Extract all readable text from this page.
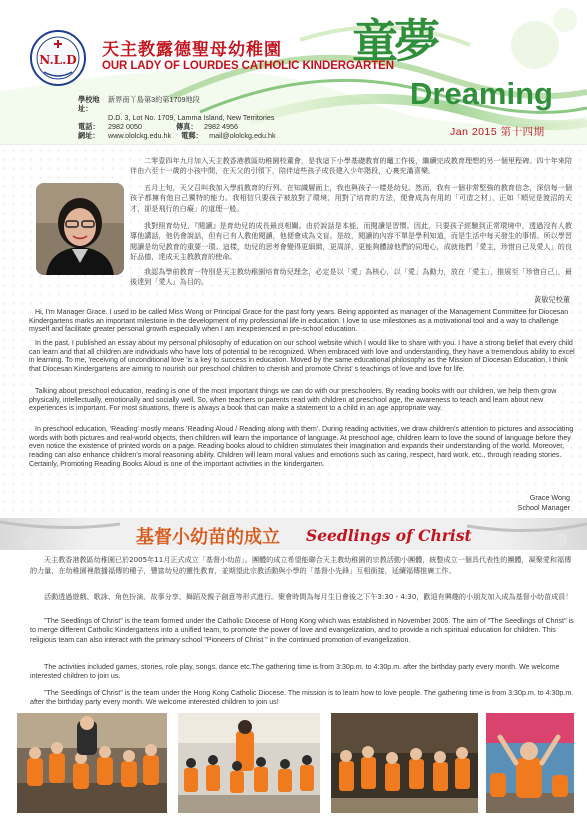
N.L.D 天主教露德聖母幼稚園
OUR LADY OF LOURDES CATHOLIC KINDERGARTEN
學校地址：
新界南丫島第3約第1709地段
D.D. 3, Lot No. 1709, Lamma Island, New Territories
電話：	2982 0050	傳真： 2982 4956
網址：	www.ololckg.edu.hk 電郵： mail@ololckg.edu.hk
童夢
Dreaming
Jan 2015 第十四期
二零壹四年九月加入天主教香港教區幼稚園校董會，是我這下小學基礎教育的竈工作後，繼續完成教育理想的另一個里程碑。四十年來陪伴由六至十一歲的小孩中間，在天父的引領下，陪伴這些孩子成長建入少年階段，心裏充滿喜樂。
五月上旬，天父召叫我加入學前教育的行列。在知識層面上，我也與孩子一樣是幼兒。然而，我有一個非常堅強的教育信念，深信每一個孩子都擁有他自己獨特的能力。我相信只要孩子被放對了環境，用對了培育的方法，便會成為有用的「可造之材」，正如「順兒是渡沼的天才，卻是飛行的白癡」的道理一般。
我對照育幼兒，『閱讀』是育幼兒的成長最良相關。由於說話是本能，而閱讀是習慣。因此，只要孩子經驗到正常環境中，透過沒有人教導他講話，他仍會說話，但有已有人教他閱讀，他便會成為文盲。是故，閱讀的內容不單是學利知道，而是生活中每天發生的事情。所以學習閱讀是幼兒教育的重要一環。這樣，幼兒的思考會變得更細緻，更周詳，更能夠體諒他們的同理心，成就他們「愛主，珍惜自己及愛人」的良好品德，達成天主教教育的使命。
我認為學前教育一特別是天主教幼稚園培育幼兒理念，必定是以「愛」為核心，以「愛」為動力，放在「愛主」，推展至「珍惜自己」，最後達到「愛人」為目的。
黃敏兒校董
Hi, I'm Manager Grace. I used to be called Miss Wong or Principal Grace for the past forty years. Being appointed as manager of the Management Committee for Diocesan Kindergartens marks an important milestone in the development of my professional life in education. I love to use milestones as a motivational tool and a way to challenge myself and facilitate greater personal growth especially when I am inexperienced in pre-school education.
In the past, I published an essay about my personal philosophy of education on our school website which I would like to share with you. I have a strong belief that every child can learn and that all children are individuals who have lots of potential to be recognized. When embraced with love and understanding, they have a tremendous ability to excel in learning. To me, 'receiving of unconditional love 'is a key to success in education. Moved by the same educational philosophy as the Mission of Diocesan Education, I think that Diocesan Kindergartens are aiming to nourish our preschool children to cherish and promote Christ' s teachings of love and love for life.
Talking about preschool education, reading is one of the most important things we can do with our preschoolers. By reading books with our children, we help them grow physically, intellectually, emotionally and socially well. So, when teachers or parents read with children at preschool age, the awareness to teach and learn about new experiences is important. For most situations, there is always a book that can make a statement to a child in an age appropriate way.
In preschool education, 'Reading' mostly means 'Reading Aloud / Reading along with them'. During reading activities, we draw children's attention to pictures and associating words with both pictures and real-world objects, then children will learn the importance of language. At preschool age, children learn to love the sound of language before they even notice the existence of printed words on a page. Reading books aloud to children stimulates their imagination and expands their understanding of the world. Moreover, reading can also enhance children's moral reasoning ability. Children will learn moral values and emotions such as caring, respect, hard work, etc., through reading stories. Certainly, Promoting Reading Books Aloud is one of the important activities in the kindergarten.
Grace Wong
School Manager
基督小幼苗的成立 Seedlings of Christ
天主教香港教區幼稚園已於2005年11月正式成立「基督小幼苗」。團體的成立希望能聯合天主教幼稚園的宗教活動小團體，統整成立一個具代表性的團體，凝聚愛和福傳的力量，在幼稚園裡散播福傳的種子，豐富幼兒的靈性教育，並期望此宗教活動與小學的「基督小先鋒」互相銜接，延續福傳推廣工作。
活動透過遊戲、歌詠、角色扮演、故事分享、舞蹈及親子創意等形式進行。聚會時間為每月生日會後之下午3:30 - 4:30，歡迎有興趣的小朋友加入成為基督小幼苗成員！
"The Seedlings of Christ" is the team formed under the Catholic Diocese of Hong Kong which was established in November 2005. The aim of "The Seedlings of Christ" is to merge different Catholic Kindergartens into a unified team, to promote the power of love and evangelization, and to provide a rich spiritual education for children. This religious team can also interact with the primary school "Pioneers of Christ " in the continued promotion of evangelization.
The activities included games, stories, role play, songs, dance etc.The gathering time is from 3:30p.m. to 4:30p.m. after the birthday party every month. We welcome interested children to join us.
"The Seedlings of Christ" is the team under the Hong Kong Catholic Diocese. The mission is to learn how to love people. The gathering time is from 3:30p.m. to 4:30p.m. after the birthday party every month. We welcome interested children to join us!
